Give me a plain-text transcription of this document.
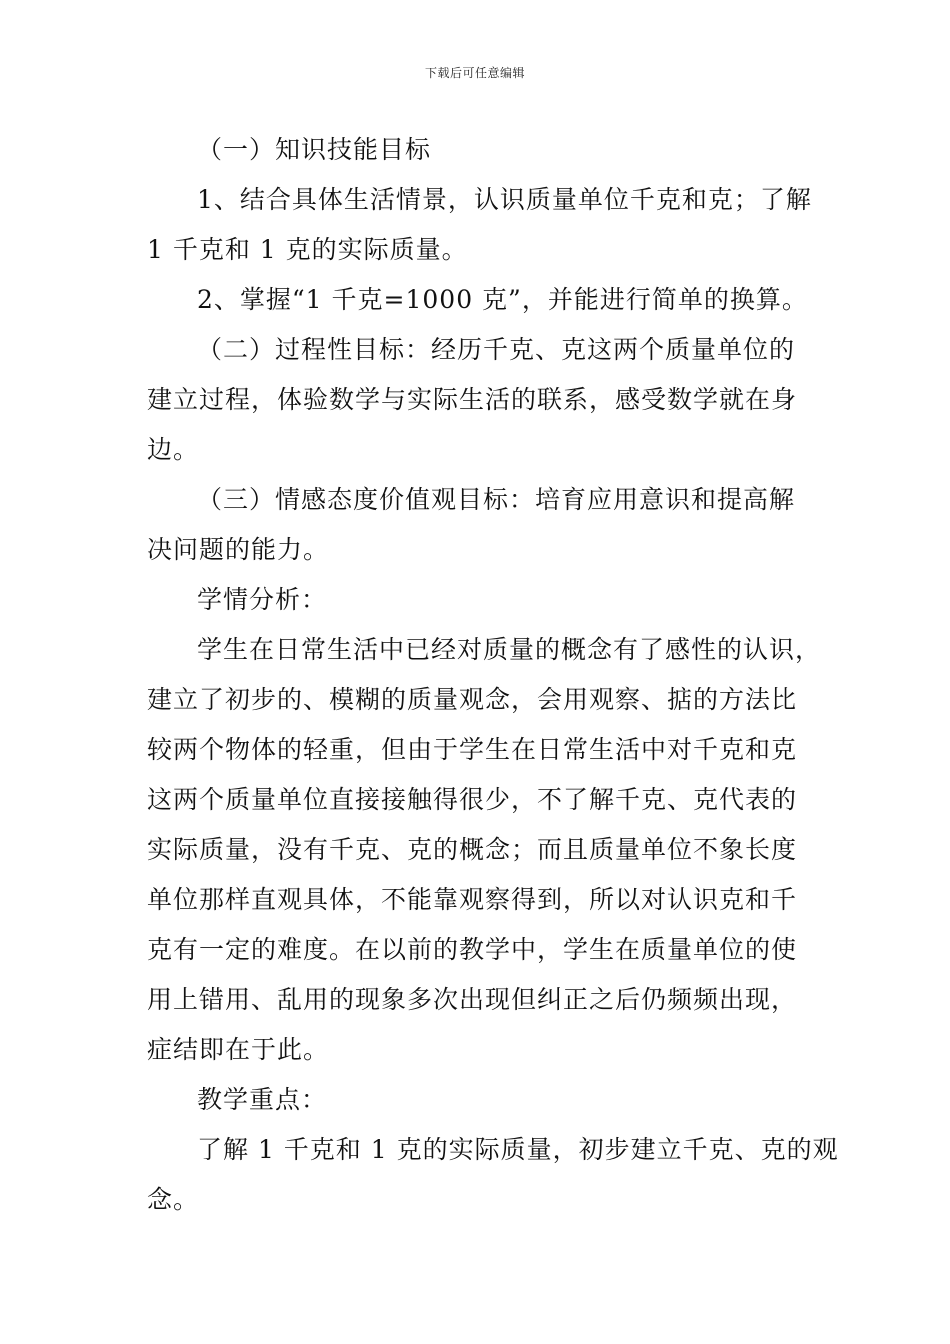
下载后可任意编辑
（一）知识技能目标
1、结合具体生活情景，认识质量单位千克和克；了解
1 千克和 1 克的实际质量。
2、掌握“1 千克=1000 克”，并能进行简单的换算。
（二）过程性目标：经历千克、克这两个质量单位的
建立过程，体验数学与实际生活的联系，感受数学就在身
边。
（三）情感态度价值观目标：培育应用意识和提高解
决问题的能力。
学情分析：
学生在日常生活中已经对质量的概念有了感性的认识，
建立了初步的、模糊的质量观念，会用观察、掂的方法比
较两个物体的轻重，但由于学生在日常生活中对千克和克
这两个质量单位直接接触得很少，不了解千克、克代表的
实际质量，没有千克、克的概念；而且质量单位不象长度
单位那样直观具体，不能靠观察得到，所以对认识克和千
克有一定的难度。在以前的教学中，学生在质量单位的使
用上错用、乱用的现象多次出现但纠正之后仍频频出现，
症结即在于此。
教学重点：
了解 1 千克和 1 克的实际质量，初步建立千克、克的观
念。
